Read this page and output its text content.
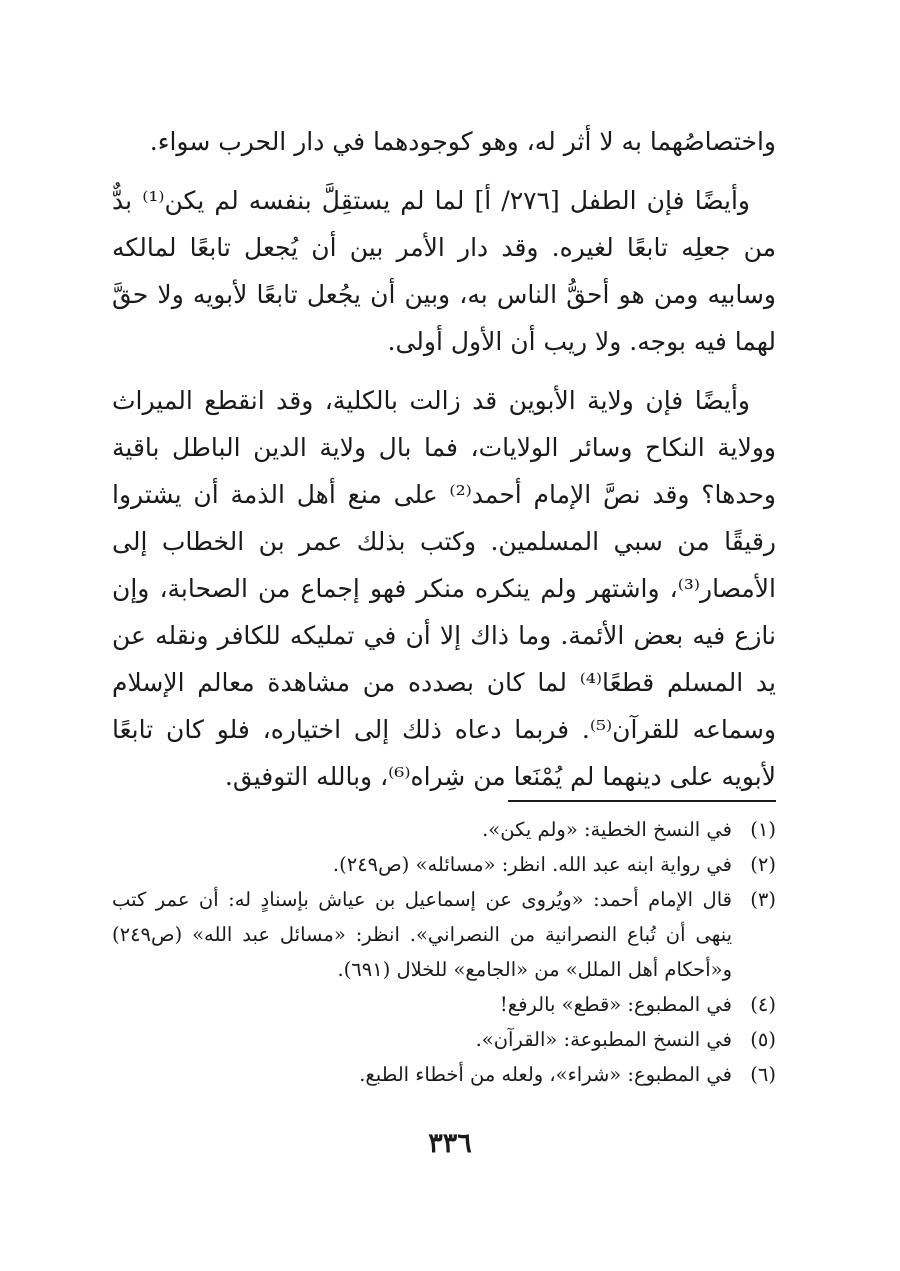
واختصاصُهما به لا أثر له، وهو كوجودهما في دار الحرب سواء.

وأيضًا فإن الطفل [٢٧٦/ أ] لما لم يستقِلَّ بنفسه لم يكن⁽¹⁾ بدٌّ من جعلِه تابعًا لغيره. وقد دار الأمر بين أن يُجعل تابعًا لمالكه وسابيه ومن هو أحقُّ الناس به، وبين أن يجُعل تابعًا لأبويه ولا حقَّ لهما فيه بوجه. ولا ريب أن الأول أولى.

وأيضًا فإن ولاية الأبوين قد زالت بالكلية، وقد انقطع الميراث وولاية النكاح وسائر الولايات، فما بال ولاية الدين الباطل باقية وحدها؟ وقد نصَّ الإمام أحمد⁽²⁾ على منع أهل الذمة أن يشتروا رقيقًا من سبي المسلمين. وكتب بذلك عمر بن الخطاب إلى الأمصار⁽³⁾، واشتهر ولم ينكره منكر فهو إجماع من الصحابة، وإن نازع فيه بعض الأئمة. وما ذاك إلا أن في تمليكه للكافر ونقله عن يد المسلم قطعًا⁽⁴⁾ لما كان بصدده من مشاهدة معالم الإسلام وسماعه للقرآن⁽⁵⁾. فربما دعاه ذلك إلى اختياره، فلو كان تابعًا لأبويه على دينهما لم يُمْنَعا من شِراه⁽⁶⁾، وبالله التوفيق.

(١)
في النسخ الخطية: «ولم يكن».
(٢)
في رواية ابنه عبد الله. انظر: «مسائله» (ص٢٤٩).
(٣)
قال الإمام أحمد: «ويُروى عن إسماعيل بن عياش بإسنادٍ له: أن عمر كتب ينهى أن تُباع النصرانية من النصراني». انظر: «مسائل عبد الله» (ص٢٤٩) و«أحكام أهل الملل» من «الجامع» للخلال (٦٩١).
(٤)
في المطبوع: «قطع» بالرفع!
(٥)
في النسخ المطبوعة: «القرآن».
(٦)
في المطبوع: «شراء»، ولعله من أخطاء الطبع.
٣٣٦
